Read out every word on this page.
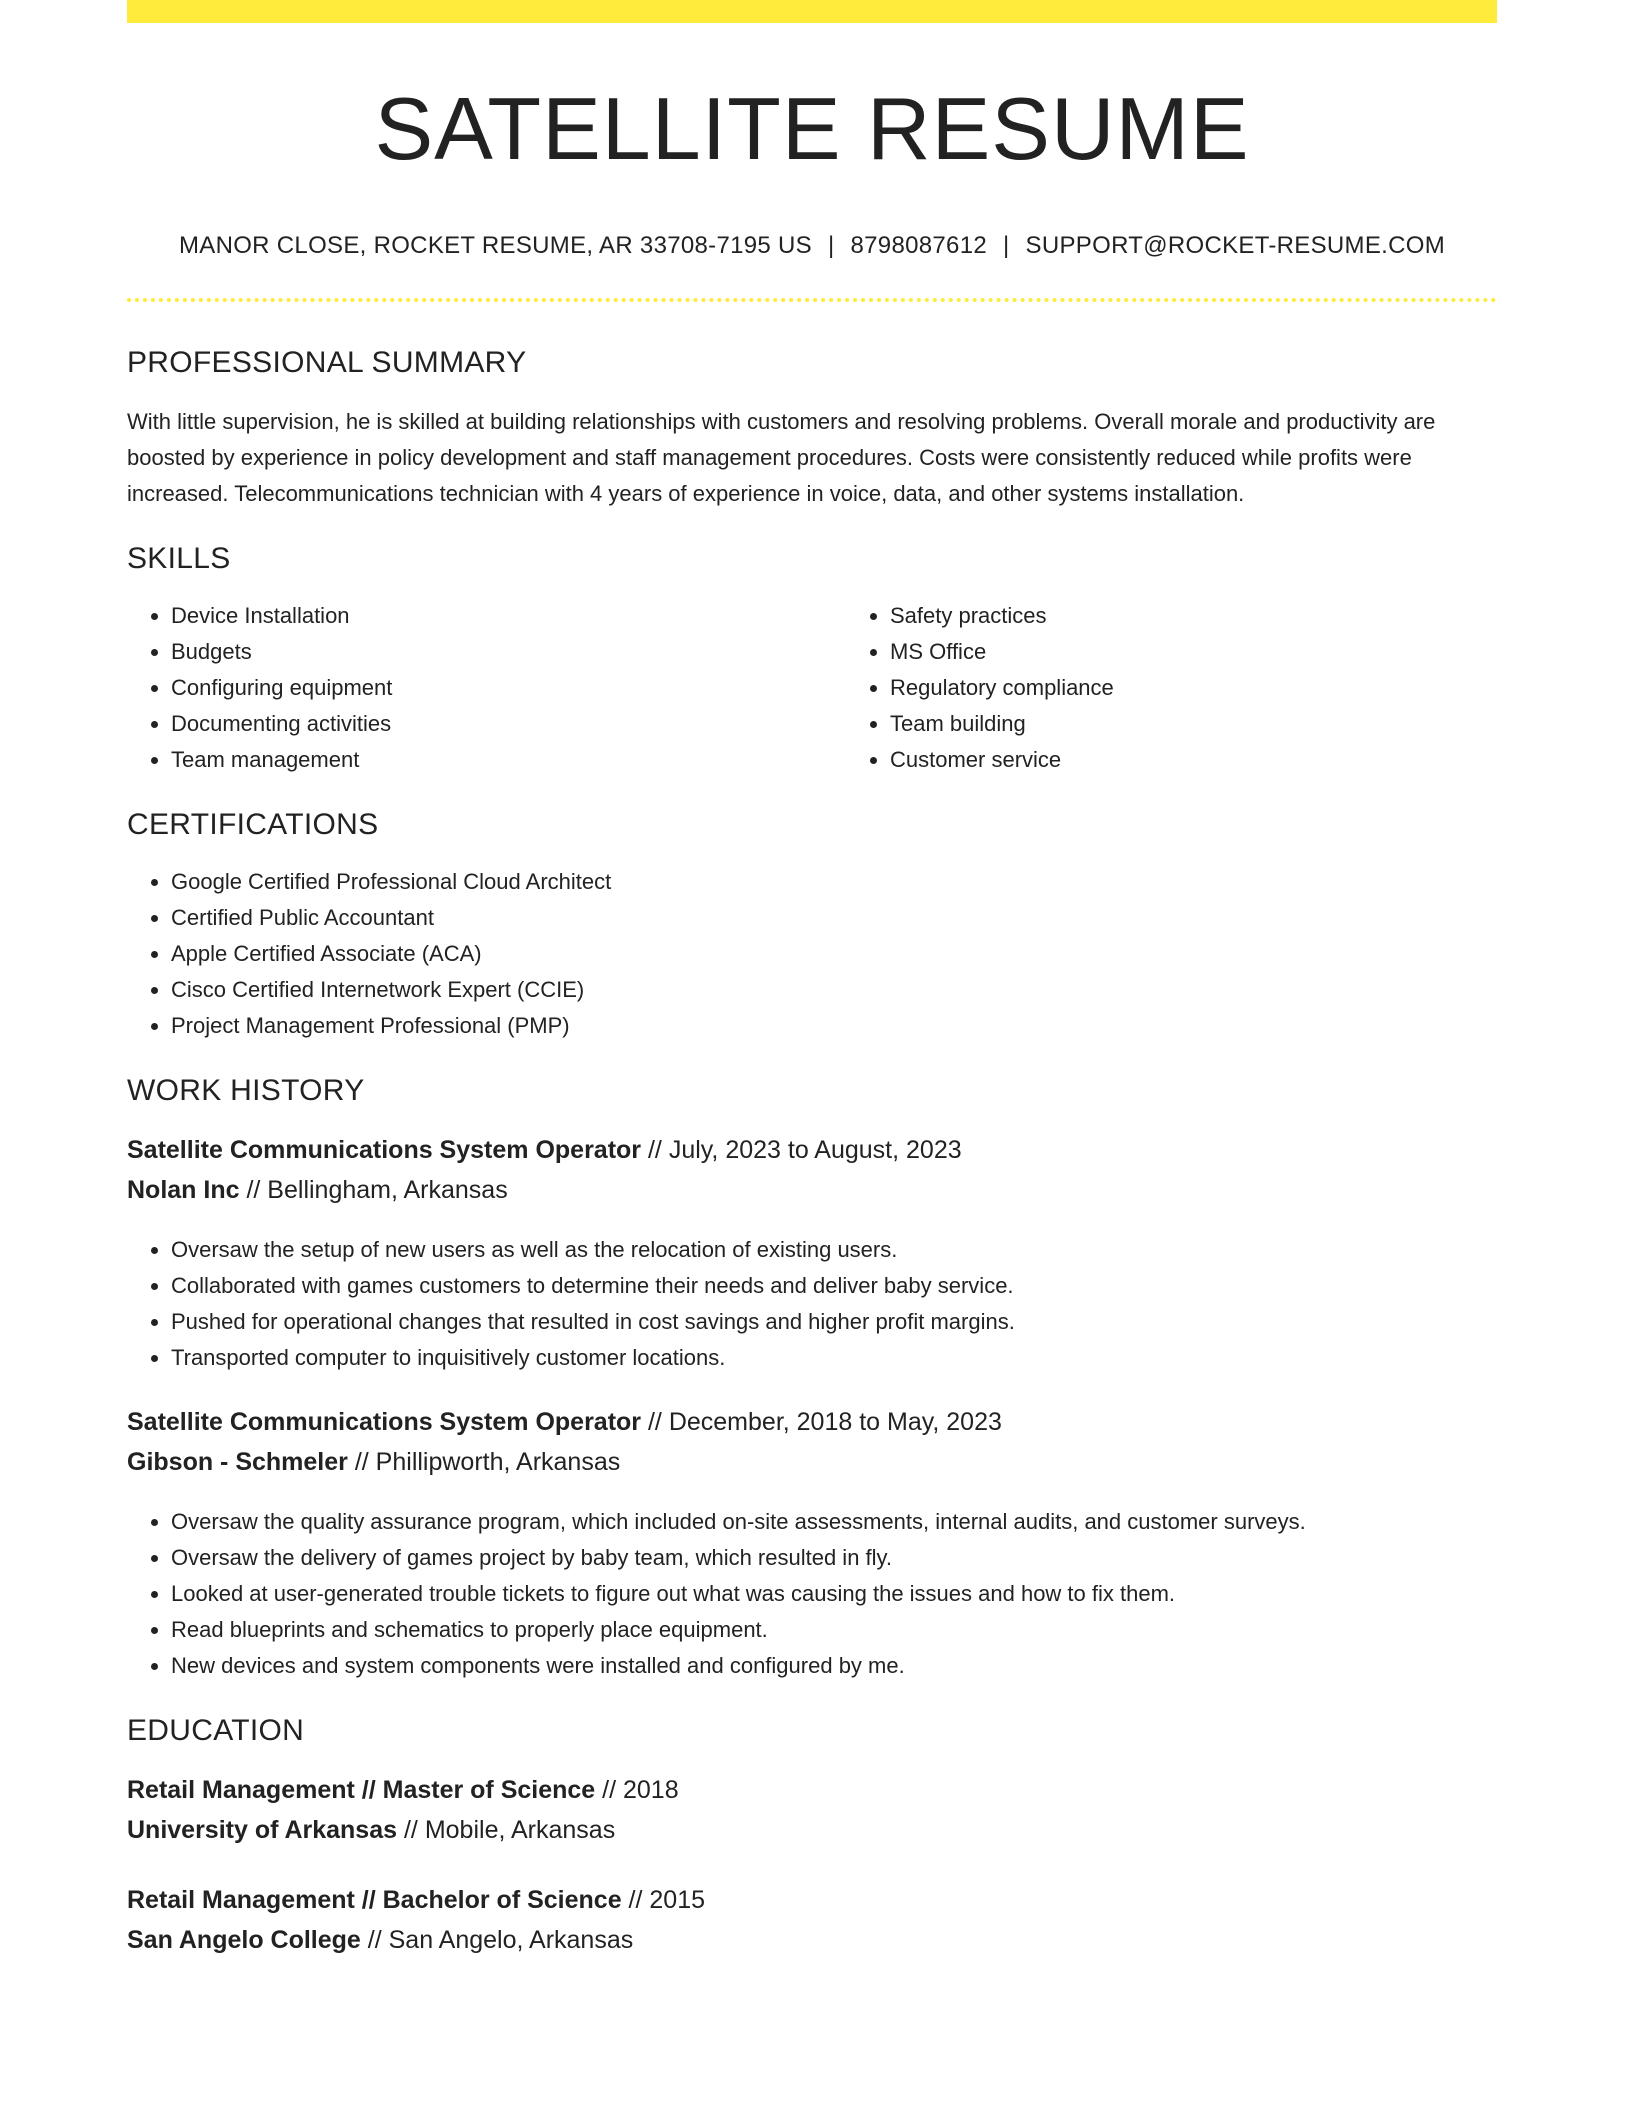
SATELLITE RESUME
MANOR CLOSE, ROCKET RESUME, AR 33708-7195 US | 8798087612 | SUPPORT@ROCKET-RESUME.COM
PROFESSIONAL SUMMARY
With little supervision, he is skilled at building relationships with customers and resolving problems. Overall morale and productivity are boosted by experience in policy development and staff management procedures. Costs were consistently reduced while profits were increased. Telecommunications technician with 4 years of experience in voice, data, and other systems installation.
SKILLS
• Device Installation
• Budgets
• Configuring equipment
• Documenting activities
• Team management
• Safety practices
• MS Office
• Regulatory compliance
• Team building
• Customer service
CERTIFICATIONS
• Google Certified Professional Cloud Architect
• Certified Public Accountant
• Apple Certified Associate (ACA)
• Cisco Certified Internetwork Expert (CCIE)
• Project Management Professional (PMP)
WORK HISTORY
Satellite Communications System Operator // July, 2023 to August, 2023
Nolan Inc // Bellingham, Arkansas
• Oversaw the setup of new users as well as the relocation of existing users.
• Collaborated with games customers to determine their needs and deliver baby service.
• Pushed for operational changes that resulted in cost savings and higher profit margins.
• Transported computer to inquisitively customer locations.
Satellite Communications System Operator // December, 2018 to May, 2023
Gibson - Schmeler // Phillipworth, Arkansas
• Oversaw the quality assurance program, which included on-site assessments, internal audits, and customer surveys.
• Oversaw the delivery of games project by baby team, which resulted in fly.
• Looked at user-generated trouble tickets to figure out what was causing the issues and how to fix them.
• Read blueprints and schematics to properly place equipment.
• New devices and system components were installed and configured by me.
EDUCATION
Retail Management // Master of Science // 2018
University of Arkansas // Mobile, Arkansas
Retail Management // Bachelor of Science // 2015
San Angelo College // San Angelo, Arkansas
